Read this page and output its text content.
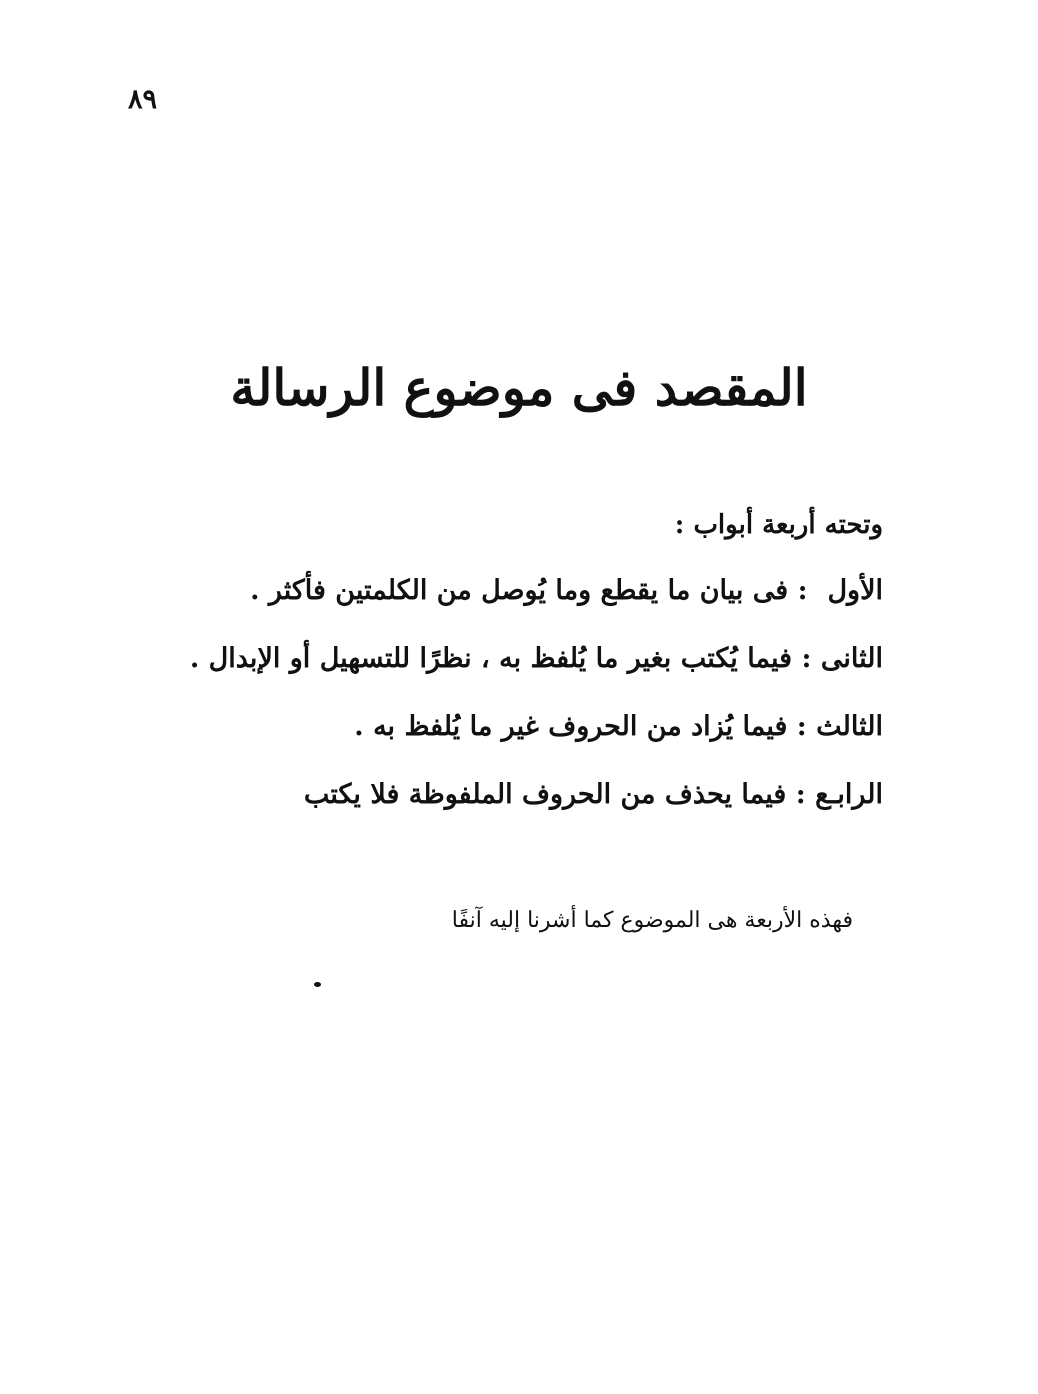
٨٩
المقصد فى موضوع الرسالة
وتحته أربعة أبواب :
الأول : فى بيان ما يقطع وما يُوصل من الكلمتين فأكثر .
الثانى : فيما يُكتب بغير ما يُلفظ به ، نظرًا للتسهيل أو الإبدال .
الثالث : فيما يُزاد من الحروف غير ما يُلفظ به .
الرابـع : فيما يحذف من الحروف الملفوظة فلا يكتب
فهذه الأربعة هى الموضوع كما أشرنا إليه آنفًا
